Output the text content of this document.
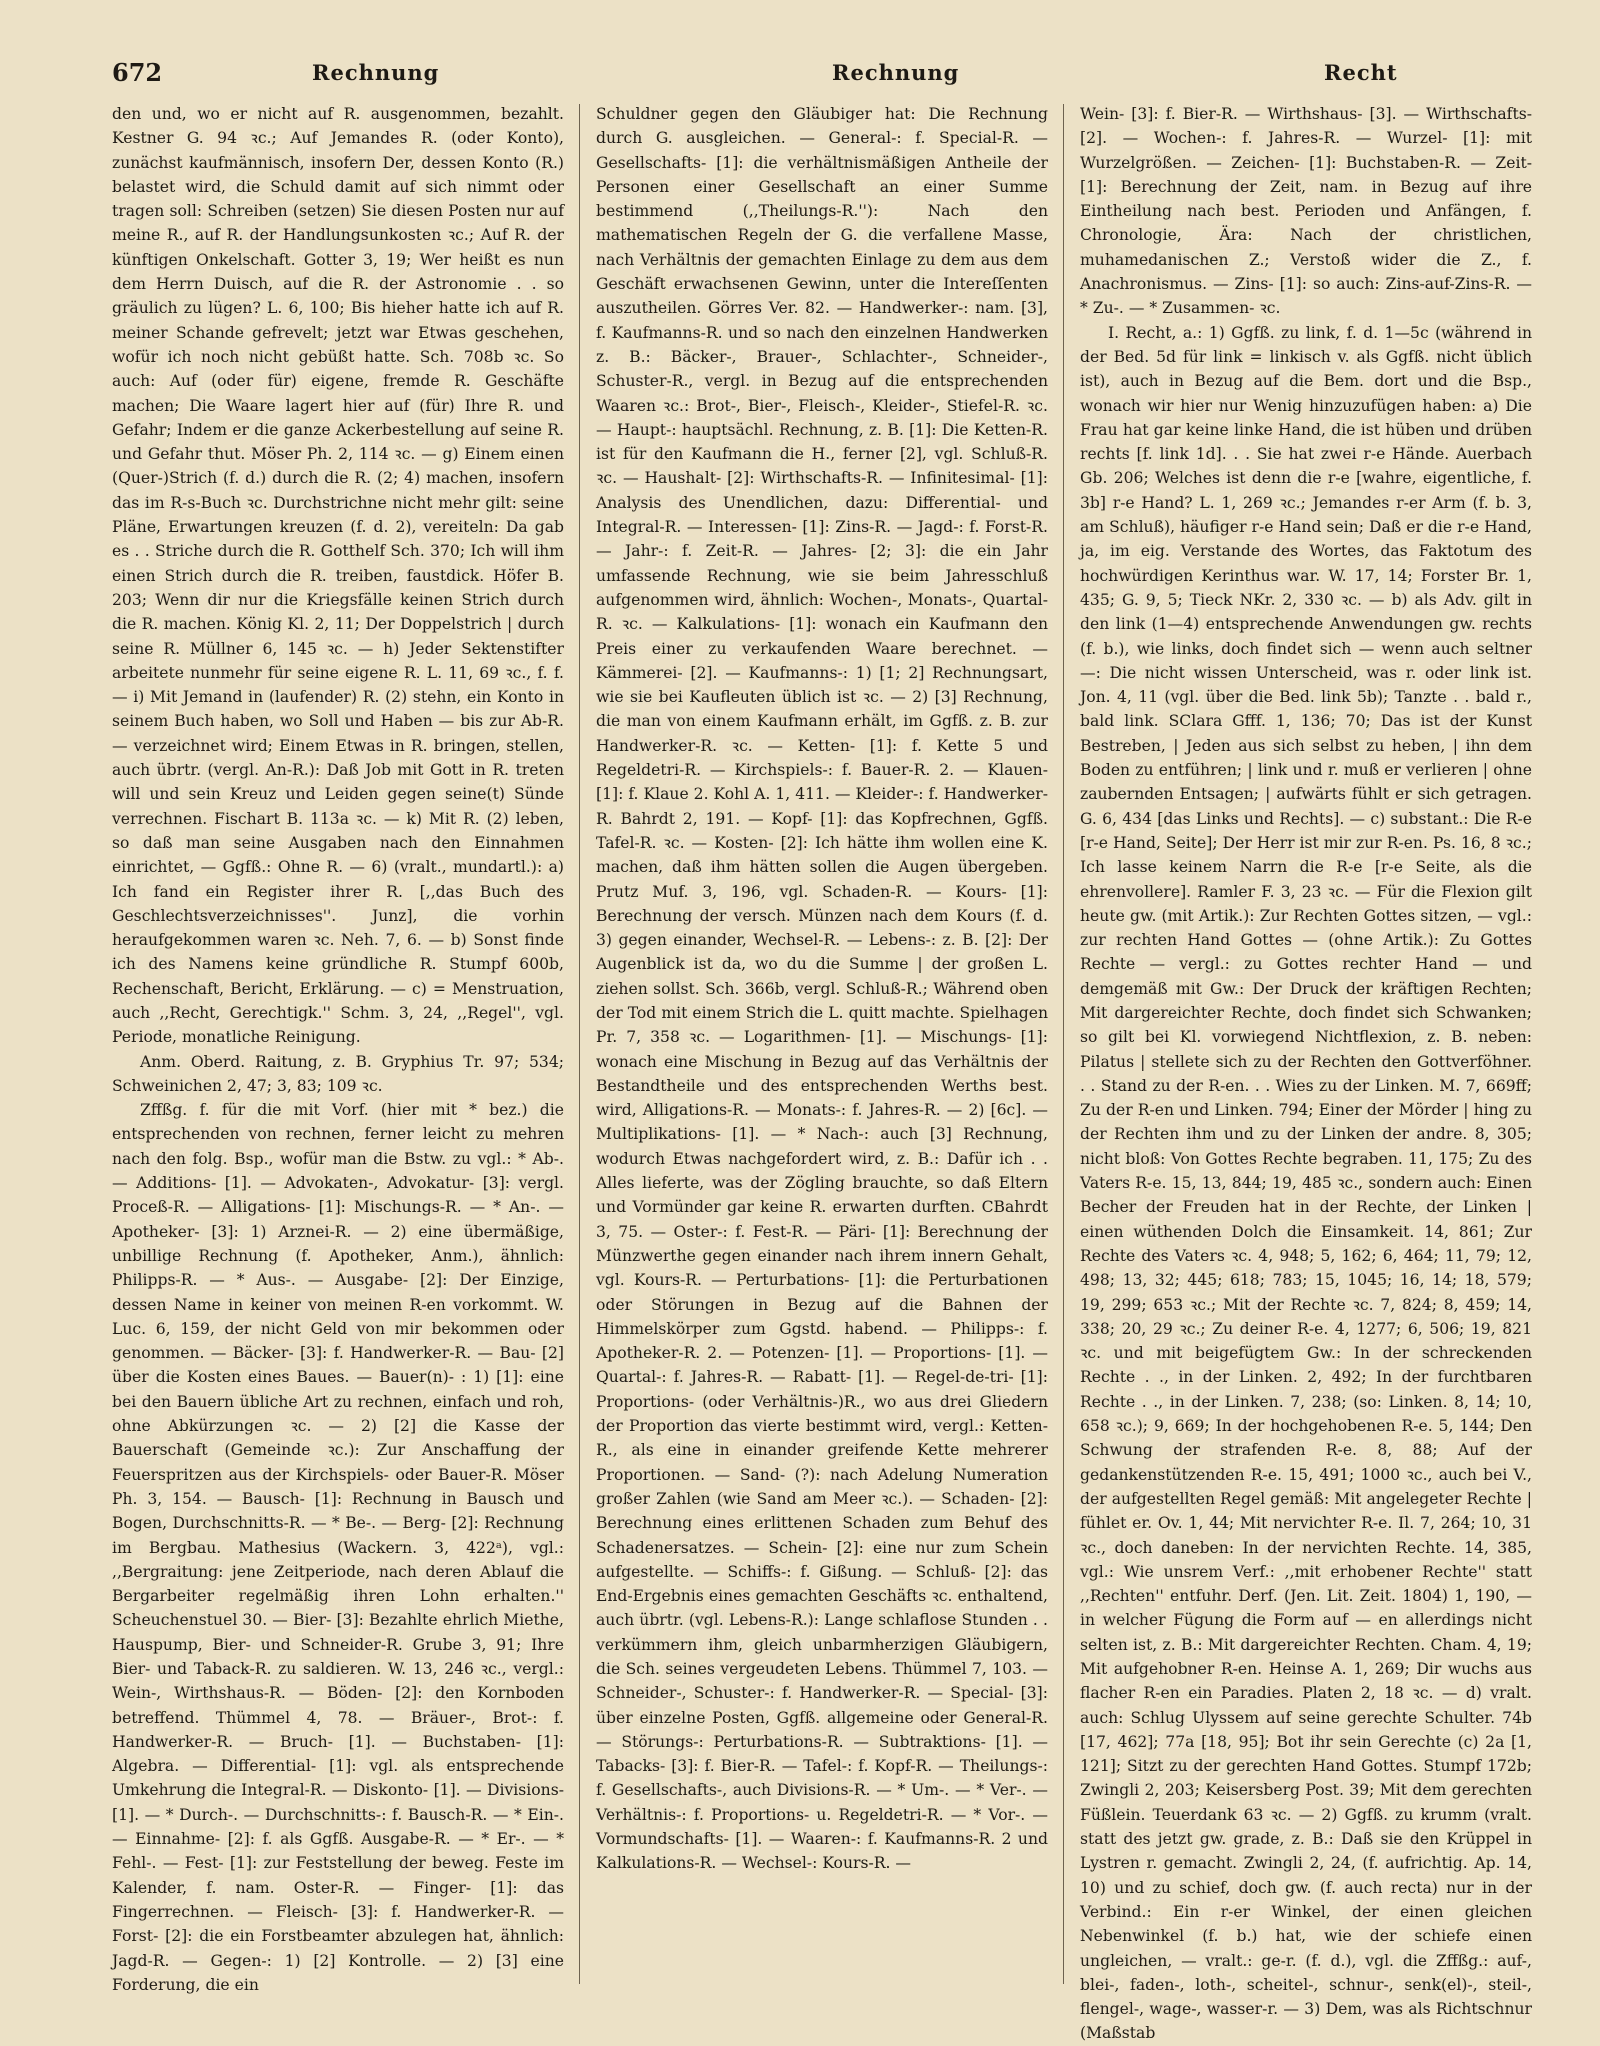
672	Rechnung	Rechnung	Recht

den und, wo er nicht auf R. ausgenommen, bezahlt. Kestner G. 94 ꝛc.; Auf Jemandes R. (oder Konto), zunächst kaufmännisch, insofern Der, dessen Konto (R.) belastet wird, die Schuld damit auf sich nimmt oder tragen soll: Schreiben (setzen) Sie diesen Posten nur auf meine R., auf R. der Handlungsunkosten ꝛc.; Auf R. der künftigen Onkelschaft. Gotter 3, 19; Wer heißt es nun dem Herrn Duisch, auf die R. der Astronomie . . so gräulich zu lügen? L. 6, 100; Bis hieher hatte ich auf R. meiner Schande gefrevelt; jetzt war Etwas geschehen, wofür ich noch nicht gebüßt hatte. Sch. 708b ꝛc. So auch: Auf (oder für) eigene, fremde R. Geschäfte machen; Die Waare lagert hier auf (für) Ihre R. und Gefahr; Indem er die ganze Ackerbestellung auf seine R. und Gefahr thut. Möser Ph. 2, 114 ꝛc. — g) Einem einen (Quer-)Strich (f. d.) durch die R. (2; 4) machen, insofern das im R-s-Buch ꝛc. Durchstrichne nicht mehr gilt: seine Pläne, Erwartungen kreuzen (f. d. 2), vereiteln: Da gab es . . Striche durch die R. Gotthelf Sch. 370; Ich will ihm einen Strich durch die R. treiben, faustdick. Höfer B. 203; Wenn dir nur die Kriegsfälle keinen Strich durch die R. machen. König Kl. 2, 11; Der Doppelstrich | durch seine R. Müllner 6, 145 ꝛc. — h) Jeder Sektenstifter arbeitete nunmehr für seine eigene R. L. 11, 69 ꝛc., f. f. — i) Mit Jemand in (laufender) R. (2) stehn, ein Konto in seinem Buch haben, wo Soll und Haben — bis zur Ab-R. — verzeichnet wird; Einem Etwas in R. bringen, stellen, auch übrtr. (vergl. An-R.): Daß Job mit Gott in R. treten will und sein Kreuz und Leiden gegen seine(t) Sünde verrechnen. Fischart B. 113a ꝛc. — k) Mit R. (2) leben, so daß man seine Ausgaben nach den Einnahmen einrichtet, — Ggfß.: Ohne R. — 6) (vralt., mundartl.): a) Ich fand ein Register ihrer R. [,,das Buch des Geschlechtsverzeichnisses''. Junz], die vorhin heraufgekommen waren ꝛc. Neh. 7, 6. — b) Sonst finde ich des Namens keine gründliche R. Stumpf 600b, Rechenschaft, Bericht, Erklärung. — c) = Menstruation, auch ,,Recht, Gerechtigk.'' Schm. 3, 24, ,,Regel'', vgl. Periode, monatliche Reinigung.

Anm. Oberd. Raitung, z. B. Gryphius Tr. 97; 534; Schweinichen 2, 47; 3, 83; 109 ꝛc.

Zffßg. f. für die mit Vorf. (hier mit * bez.) die entsprechenden von rechnen, ferner leicht zu mehren nach den folg. Bsp., wofür man die Bstw. zu vgl.: * Ab-. — Additions- [1]. — Advokaten-, Advokatur- [3]: vergl. Proceß-R. — Alligations- [1]: Mischungs-R. — * An-. — Apotheker- [3]: 1) Arznei-R. — 2) eine übermäßige, unbillige Rechnung (f. Apotheker, Anm.), ähnlich: Philipps-R. — * Aus-. — Ausgabe- [2]: Der Einzige, dessen Name in keiner von meinen R-en vorkommt. W. Luc. 6, 159, der nicht Geld von mir bekommen oder genommen. — Bäcker- [3]: f. Handwerker-R. — Bau- [2] über die Kosten eines Baues. — Bauer(n)- : 1) [1]: eine bei den Bauern übliche Art zu rechnen, einfach und roh, ohne Abkürzungen ꝛc. — 2) [2] die Kasse der Bauerschaft (Gemeinde ꝛc.): Zur Anschaffung der Feuerspritzen aus der Kirchspiels- oder Bauer-R. Möser Ph. 3, 154. — Bausch- [1]: Rechnung in Bausch und Bogen, Durchschnitts-R. — * Be-. — Berg- [2]: Rechnung im Bergbau. Mathesius (Wackern. 3, 422ᵃ), vgl.: ,,Bergraitung: jene Zeitperiode, nach deren Ablauf die Bergarbeiter regelmäßig ihren Lohn erhalten.'' Scheuchenstuel 30. — Bier- [3]: Bezahlte ehrlich Miethe, Hauspump, Bier- und Schneider-R. Grube 3, 91; Ihre Bier- und Taback-R. zu saldieren. W. 13, 246 ꝛc., vergl.: Wein-, Wirthshaus-R. — Böden- [2]: den Kornboden betreffend. Thümmel 4, 78. — Bräuer-, Brot-: f. Handwerker-R. — Bruch- [1]. — Buchstaben- [1]: Algebra. — Differential- [1]: vgl. als entsprechende Umkehrung die Integral-R. — Diskonto- [1]. — Divisions- [1]. — * Durch-. — Durchschnitts-: f. Bausch-R. — * Ein-. — Einnahme- [2]: f. als Ggfß. Ausgabe-R. — * Er-. — * Fehl-. — Fest- [1]: zur Feststellung der beweg. Feste im Kalender, f. nam. Oster-R. — Finger- [1]: das Fingerrechnen. — Fleisch- [3]: f. Handwerker-R. — Forst- [2]: die ein Forstbeamter abzulegen hat, ähnlich: Jagd-R. — Gegen-: 1) [2] Kontrolle. — 2) [3] eine Forderung, die ein

Schuldner gegen den Gläubiger hat: Die Rechnung durch G. ausgleichen. — General-: f. Special-R. — Gesellschafts- [1]: die verhältnismäßigen Antheile der Personen einer Gesellschaft an einer Summe bestimmend (,,Theilungs-R.''): Nach den mathematischen Regeln der G. die verfallene Masse, nach Verhältnis der gemachten Einlage zu dem aus dem Geschäft erwachsenen Gewinn, unter die Intereſſenten auszutheilen. Görres Ver. 82. — Handwerker-: nam. [3], f. Kaufmanns-R. und so nach den einzelnen Handwerken z. B.: Bäcker-, Brauer-, Schlachter-, Schneider-, Schuster-R., vergl. in Bezug auf die entsprechenden Waaren ꝛc.: Brot-, Bier-, Fleisch-, Kleider-, Stiefel-R. ꝛc. — Haupt-: hauptsächl. Rechnung, z. B. [1]: Die Ketten-R. ist für den Kaufmann die H., ferner [2], vgl. Schluß-R. ꝛc. — Haushalt- [2]: Wirthschafts-R. — Infinitesimal- [1]: Analysis des Unendlichen, dazu: Differential- und Integral-R. — Interessen- [1]: Zins-R. — Jagd-: f. Forst-R. — Jahr-: f. Zeit-R. — Jahres- [2; 3]: die ein Jahr umfassende Rechnung, wie sie beim Jahresschluß aufgenommen wird, ähnlich: Wochen-, Monats-, Quartal-R. ꝛc. — Kalkulations- [1]: wonach ein Kaufmann den Preis einer zu verkaufenden Waare berechnet. — Kämmerei- [2]. — Kaufmanns-: 1) [1; 2] Rechnungsart, wie sie bei Kaufleuten üblich ist ꝛc. — 2) [3] Rechnung, die man von einem Kaufmann erhält, im Ggfß. z. B. zur Handwerker-R. ꝛc. — Ketten- [1]: f. Kette 5 und Regeldetri-R. — Kirchspiels-: f. Bauer-R. 2. — Klauen- [1]: f. Klaue 2. Kohl A. 1, 411. — Kleider-: f. Handwerker-R. Bahrdt 2, 191. — Kopf- [1]: das Kopfrechnen, Ggfß. Tafel-R. ꝛc. — Kosten- [2]: Ich hätte ihm wollen eine K. machen, daß ihm hätten sollen die Augen übergeben. Prutz Muf. 3, 196, vgl. Schaden-R. — Kours- [1]: Berechnung der versch. Münzen nach dem Kours (f. d. 3) gegen einander, Wechsel-R. — Lebens-: z. B. [2]: Der Augenblick ist da, wo du die Summe | der großen L. ziehen sollst. Sch. 366b, vergl. Schluß-R.; Während oben der Tod mit einem Strich die L. quitt machte. Spielhagen Pr. 7, 358 ꝛc. — Logarithmen- [1]. — Mischungs- [1]: wonach eine Mischung in Bezug auf das Verhältnis der Bestandtheile und des entsprechenden Werths best. wird, Alligations-R. — Monats-: f. Jahres-R. — 2) [6c]. — Multiplikations- [1]. — * Nach-: auch [3] Rechnung, wodurch Etwas nachgefordert wird, z. B.: Dafür ich . . Alles lieferte, was der Zögling brauchte, so daß Eltern und Vormünder gar keine R. erwarten durften. CBahrdt 3, 75. — Oster-: f. Fest-R. — Päri- [1]: Berechnung der Münzwerthe gegen einander nach ihrem innern Gehalt, vgl. Kours-R. — Perturbations- [1]: die Perturbationen oder Störungen in Bezug auf die Bahnen der Himmelskörper zum Ggstd. habend. — Philipps-: f. Apotheker-R. 2. — Potenzen- [1]. — Proportions- [1]. — Quartal-: f. Jahres-R. — Rabatt- [1]. — Regel-de-tri- [1]: Proportions- (oder Verhältnis-)R., wo aus drei Gliedern der Proportion das vierte bestimmt wird, vergl.: Ketten-R., als eine in einander greifende Kette mehrerer Proportionen. — Sand- (?): nach Adelung Numeration großer Zahlen (wie Sand am Meer ꝛc.). — Schaden- [2]: Berechnung eines erlittenen Schaden zum Behuf des Schadenersatzes. — Schein- [2]: eine nur zum Schein aufgestellte. — Schiffs-: f. Gißung. — Schluß- [2]: das End-Ergebnis eines gemachten Geschäfts ꝛc. enthaltend, auch übrtr. (vgl. Lebens-R.): Lange schlaflose Stunden . . verkümmern ihm, gleich unbarmherzigen Gläubigern, die Sch. seines vergeudeten Lebens. Thümmel 7, 103. — Schneider-, Schuster-: f. Handwerker-R. — Special- [3]: über einzelne Posten, Ggfß. allgemeine oder General-R. — Störungs-: Perturbations-R. — Subtraktions- [1]. — Tabacks- [3]: f. Bier-R. — Tafel-: f. Kopf-R. — Theilungs-: f. Gesellschafts-, auch Divisions-R. — * Um-. — * Ver-. — Verhältnis-: f. Proportions- u. Regeldetri-R. — * Vor-. — Vormundschafts- [1]. — Waaren-: f. Kaufmanns-R. 2 und Kalkulations-R. — Wechsel-: Kours-R. —

Wein- [3]: f. Bier-R. — Wirthshaus- [3]. — Wirthschafts- [2]. — Wochen-: f. Jahres-R. — Wurzel- [1]: mit Wurzelgrößen. — Zeichen- [1]: Buchstaben-R. — Zeit- [1]: Berechnung der Zeit, nam. in Bezug auf ihre Eintheilung nach best. Perioden und Anfängen, f. Chronologie, Ära: Nach der christlichen, muhamedanischen Z.; Verstoß wider die Z., f. Anachronismus. — Zins- [1]: so auch: Zins-auf-Zins-R. — * Zu-. — * Zusammen- ꝛc.

I. Recht, a.: 1) Ggfß. zu link, f. d. 1—5c (während in der Bed. 5d für link = linkisch v. als Ggfß. nicht üblich ist), auch in Bezug auf die Bem. dort und die Bsp., wonach wir hier nur Wenig hinzuzufügen haben: a) Die Frau hat gar keine linke Hand, die ist hüben und drüben rechts [f. link 1d]. . . Sie hat zwei r-e Hände. Auerbach Gb. 206; Welches ist denn die r-e [wahre, eigentliche, f. 3b] r-e Hand? L. 1, 269 ꝛc.; Jemandes r-er Arm (f. b. 3, am Schluß), häufiger r-e Hand sein; Daß er die r-e Hand, ja, im eig. Verstande des Wortes, das Faktotum des hochwürdigen Kerinthus war. W. 17, 14; Forster Br. 1, 435; G. 9, 5; Tieck NKr. 2, 330 ꝛc. — b) als Adv. gilt in den link (1—4) entsprechende Anwendungen gw. rechts (f. b.), wie links, doch findet sich — wenn auch seltner —: Die nicht wissen Unterscheid, was r. oder link ist. Jon. 4, 11 (vgl. über die Bed. link 5b); Tanzte . . bald r., bald link. SClara Gfff. 1, 136; 70; Das ist der Kunst Bestreben, | Jeden aus sich selbst zu heben, | ihn dem Boden zu entführen; | link und r. muß er verlieren | ohne zaubernden Entsagen; | aufwärts fühlt er sich getragen. G. 6, 434 [das Links und Rechts]. — c) substant.: Die R-e [r-e Hand, Seite]; Der Herr ist mir zur R-en. Ps. 16, 8 ꝛc.; Ich lasse keinem Narrn die R-e [r-e Seite, als die ehrenvollere]. Ramler F. 3, 23 ꝛc. — Für die Flexion gilt heute gw. (mit Artik.): Zur Rechten Gottes sitzen, — vgl.: zur rechten Hand Gottes — (ohne Artik.): Zu Gottes Rechte — vergl.: zu Gottes rechter Hand — und demgemäß mit Gw.: Der Druck der kräftigen Rechten; Mit dargereichter Rechte, doch findet sich Schwanken; so gilt bei Kl. vorwiegend Nichtflexion, z. B. neben: Pilatus | stellete sich zu der Rechten den Gottverföhner. . . Stand zu der R-en. . . Wies zu der Linken. M. 7, 669ff; Zu der R-en und Linken. 794; Einer der Mörder | hing zu der Rechten ihm und zu der Linken der andre. 8, 305; nicht bloß: Von Gottes Rechte begraben. 11, 175; Zu des Vaters R-e. 15, 13, 844; 19, 485 ꝛc., sondern auch: Einen Becher der Freuden hat in der Rechte, der Linken | einen wüthenden Dolch die Einsamkeit. 14, 861; Zur Rechte des Vaters ꝛc. 4, 948; 5, 162; 6, 464; 11, 79; 12, 498; 13, 32; 445; 618; 783; 15, 1045; 16, 14; 18, 579; 19, 299; 653 ꝛc.; Mit der Rechte ꝛc. 7, 824; 8, 459; 14, 338; 20, 29 ꝛc.; Zu deiner R-e. 4, 1277; 6, 506; 19, 821 ꝛc. und mit beigefügtem Gw.: In der schreckenden Rechte . ., in der Linken. 2, 492; In der furchtbaren Rechte . ., in der Linken. 7, 238; (so: Linken. 8, 14; 10, 658 ꝛc.); 9, 669; In der hochgehobenen R-e. 5, 144; Den Schwung der strafenden R-e. 8, 88; Auf der gedankenstützenden R-e. 15, 491; 1000 ꝛc., auch bei V., der aufgestellten Regel gemäß: Mit angelegeter Rechte | fühlet er. Ov. 1, 44; Mit nervichter R-e. Il. 7, 264; 10, 31 ꝛc., doch daneben: In der nervichten Rechte. 14, 385, vgl.: Wie unsrem Verf.: ,,mit erhobener Rechte'' statt ,,Rechten'' entfuhr. Derf. (Jen. Lit. Zeit. 1804) 1, 190, — in welcher Fügung die Form auf — en allerdings nicht selten ist, z. B.: Mit dargereichter Rechten. Cham. 4, 19; Mit aufgehobner R-en. Heinse A. 1, 269; Dir wuchs aus flacher R-en ein Paradies. Platen 2, 18 ꝛc. — d) vralt. auch: Schlug Ulyssem auf seine gerechte Schulter. 74b [17, 462]; 77a [18, 95]; Bot ihr sein Gerechte (c) 2a [1, 121]; Sitzt zu der gerechten Hand Gottes. Stumpf 172b; Zwingli 2, 203; Keisersberg Post. 39; Mit dem gerechten Füßlein. Teuerdank 63 ꝛc. — 2) Ggfß. zu krumm (vralt. statt des jetzt gw. grade, z. B.: Daß sie den Krüppel in Lystren r. gemacht. Zwingli 2, 24, (f. aufrichtig. Ap. 14, 10) und zu schief, doch gw. (f. auch recta) nur in der Verbind.: Ein r-er Winkel, der einen gleichen Nebenwinkel (f. b.) hat, wie der schiefe einen ungleichen, — vralt.: ge-r. (f. d.), vgl. die Zffßg.: auf-, blei-, faden-, loth-, scheitel-, schnur-, senk(el)-, steil-, flengel-, wage-, wasser-r. — 3) Dem, was als Richtschnur (Maßstab
